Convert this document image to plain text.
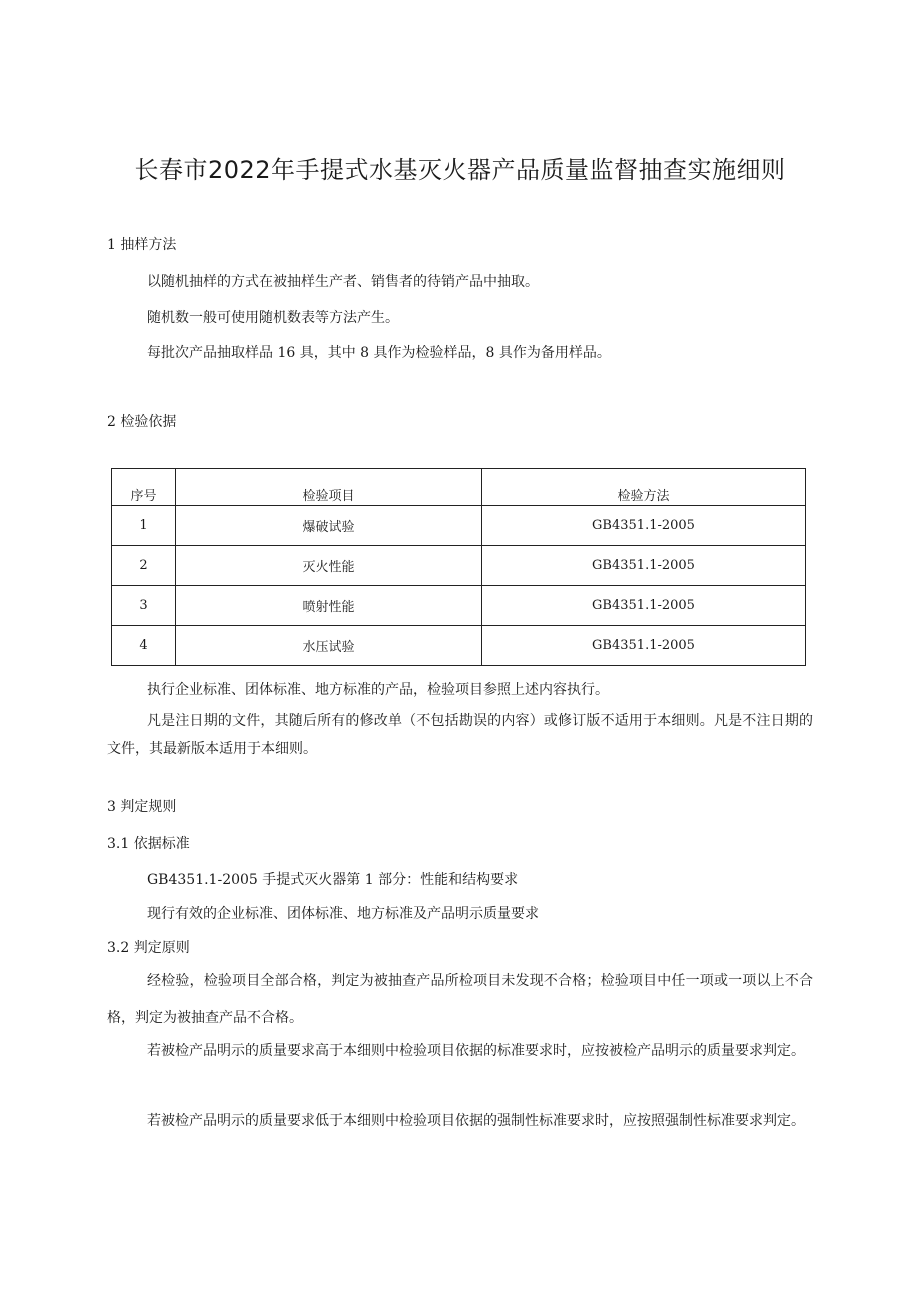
长春市2022年手提式水基灭火器产品质量监督抽查实施细则

1 抽样方法

以随机抽样的方式在被抽样生产者、销售者的待销产品中抽取。

随机数一般可使用随机数表等方法产生。

每批次产品抽取样品 16 具，其中 8 具作为检验样品，8 具作为备用样品。

2 检验依据

序号	检验项目	检验方法
1	爆破试验	GB4351.1-2005
2	灭火性能	GB4351.1-2005
3	喷射性能	GB4351.1-2005
4	水压试验	GB4351.1-2005

执行企业标准、团体标准、地方标准的产品，检验项目参照上述内容执行。

凡是注日期的文件，其随后所有的修改单（不包括勘误的内容）或修订版不适用于本细则。凡是不注日期的文件，其最新版本适用于本细则。

3 判定规则

3.1 依据标准

GB4351.1-2005 手提式灭火器第 1 部分：性能和结构要求

现行有效的企业标准、团体标准、地方标准及产品明示质量要求

3.2 判定原则

经检验，检验项目全部合格，判定为被抽查产品所检项目未发现不合格；检验项目中任一项或一项以上不合格，判定为被抽查产品不合格。

若被检产品明示的质量要求高于本细则中检验项目依据的标准要求时，应按被检产品明示的质量要求判定。

若被检产品明示的质量要求低于本细则中检验项目依据的强制性标准要求时，应按照强制性标准要求判定。
